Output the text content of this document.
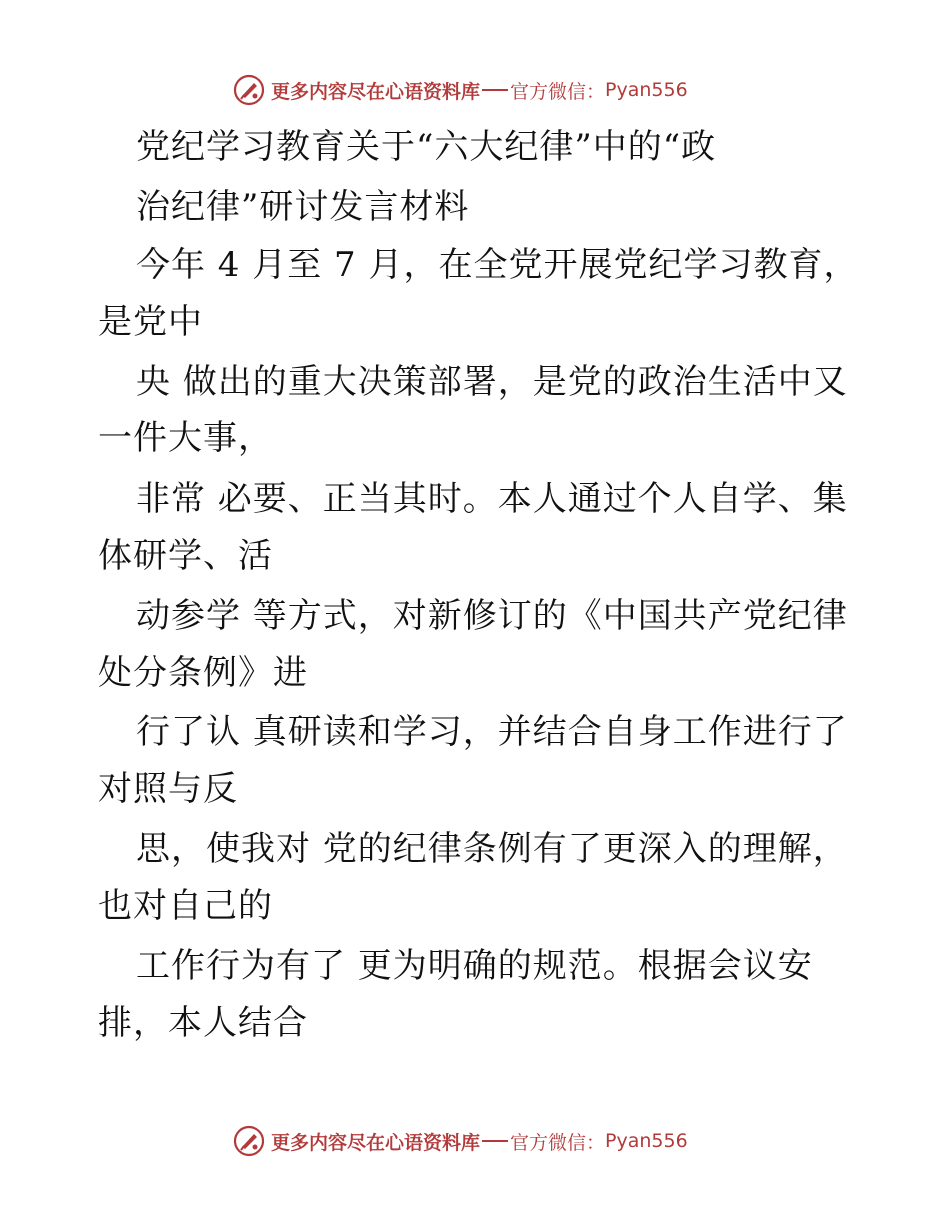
更多内容尽在心语资料库 官方微信： Pyan556
党纪学习教育关于“六大纪律”中的“政
治纪律”研讨发言材料
今年 4 月至 7 月，在全党开展党纪学习教育，
是党中
央 做出的重大决策部署，是党的政治生活中又
一件大事，
非常 必要、正当其时。本人通过个人自学、集
体研学、活
动参学 等方式，对新修订的《中国共产党纪律
处分条例》进
行了认 真研读和学习，并结合自身工作进行了
对照与反
思，使我对 党的纪律条例有了更深入的理解，
也对自己的
工作行为有了 更为明确的规范。根据会议安
排，本人结合
更多内容尽在心语资料库 官方微信： Pyan556
